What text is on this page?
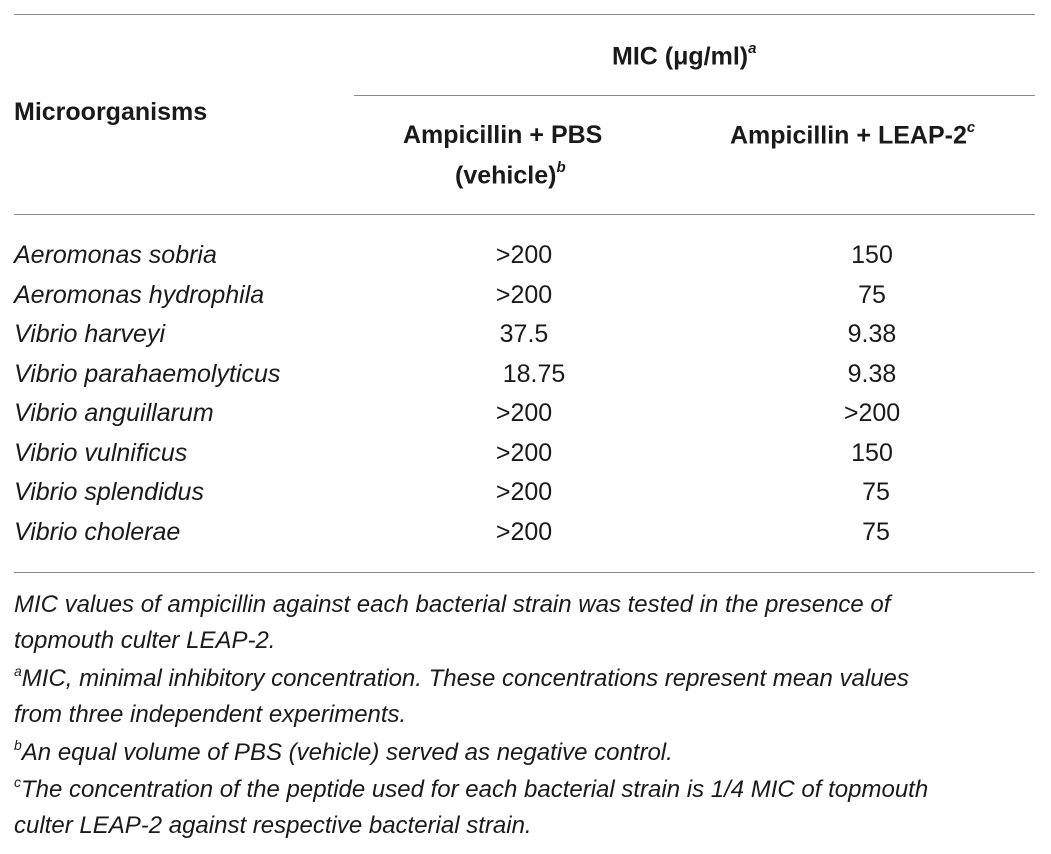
Microorganisms
MIC $(\mu g/ml)^a$
Ampicillin + PBS
(vehicle)$^b$
Ampicillin + LEAP-$2^c$
Aeromonas sobria	>200	150
Aeromonas hydrophila	>200	75
Vibrio harveyi	37.5	9.38
Vibrio parahaemolyticus	18.75	9.38
Vibrio anguillarum	>200	>200
Vibrio vulnificus	>200	150
Vibrio splendidus	>200	75
Vibrio cholerae	>200	75
MIC values of ampicillin against each bacterial strain was tested in the presence of
topmouth culter LEAP-2.
$^a$MIC, minimal inhibitory concentration. These concentrations represent mean values
from three independent experiments.
$^b$An equal volume of PBS (vehicle) served as negative control.
$^c$The concentration of the peptide used for each bacterial strain is 1/4 MIC of topmouth
culter LEAP-2 against respective bacterial strain.
